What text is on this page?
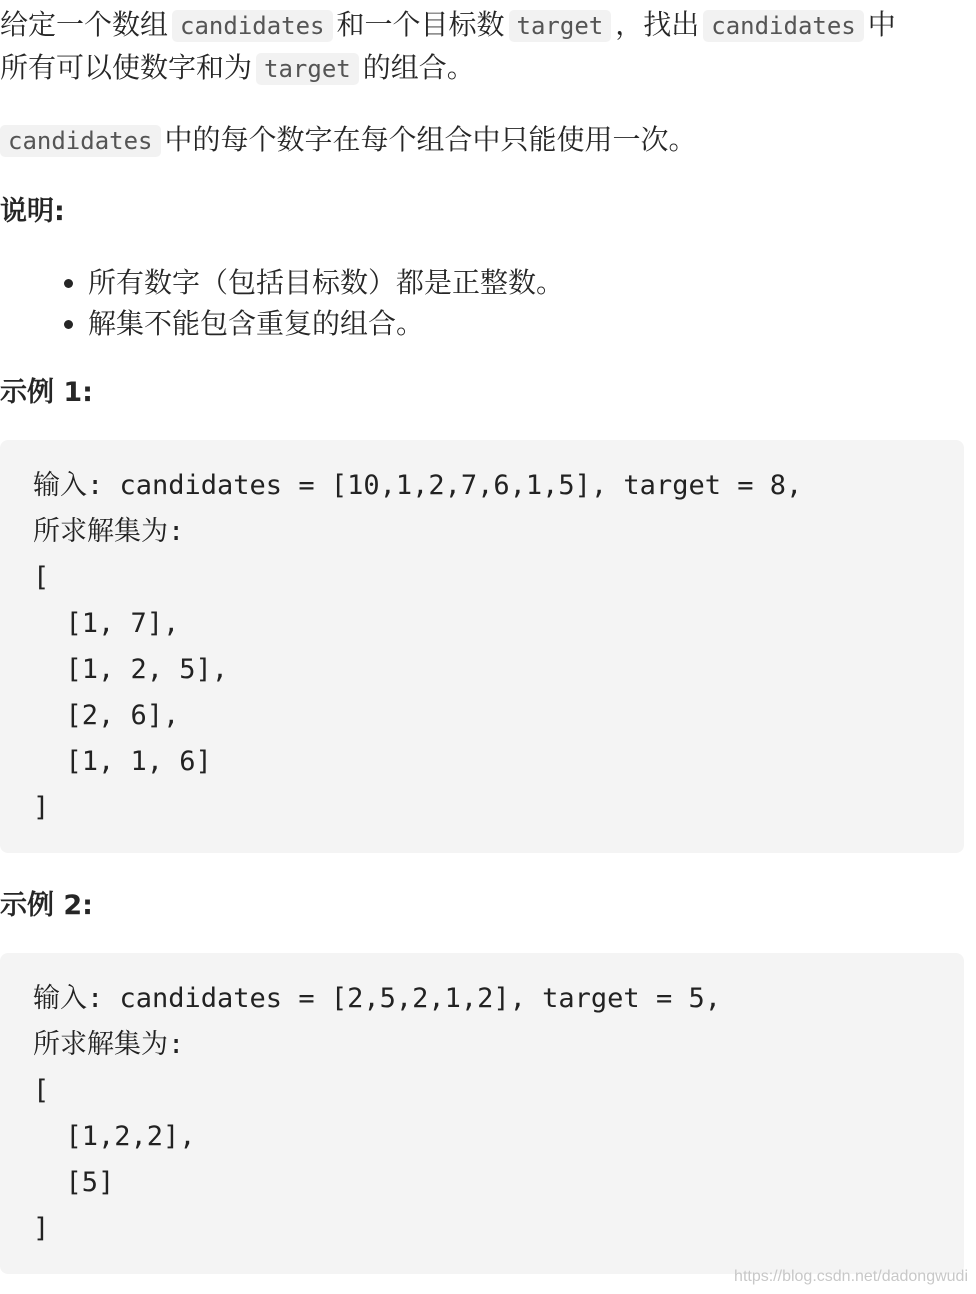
给定一个数组 candidates 和一个目标数 target ，找出 candidates 中
所有可以使数字和为 target 的组合。
candidates 中的每个数字在每个组合中只能使用一次。
说明:
• 所有数字（包括目标数）都是正整数。
• 解集不能包含重复的组合。
示例 1:
输入: candidates = [10,1,2,7,6,1,5], target = 8,
所求解集为:
[
[1, 7],
[1, 2, 5],
[2, 6],
[1, 1, 6]
]
示例 2:
输入: candidates = [2,5,2,1,2], target = 5,
所求解集为:
[
[1,2,2],
[5]
]
https://blog.csdn.net/dadongwudi
